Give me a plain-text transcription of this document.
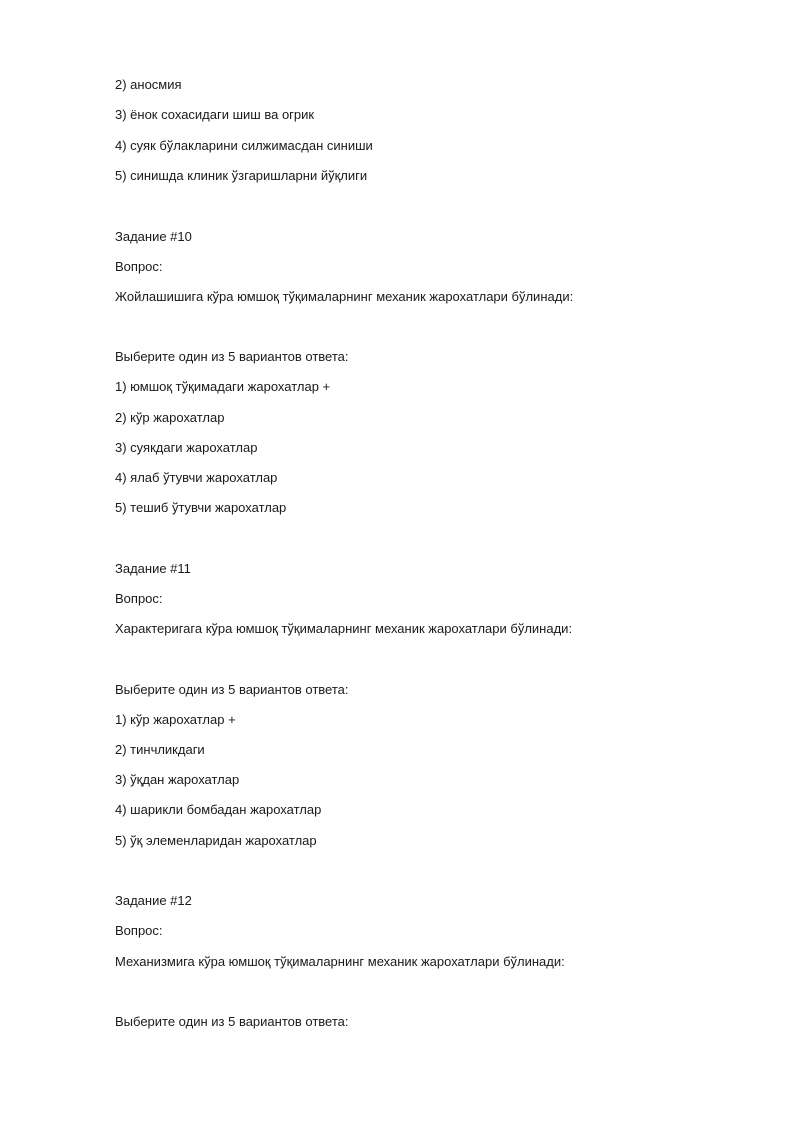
2) аносмия
3) ёнок сохасидаги шиш ва огрик
4) суяк бўлакларини силжимасдан синиши
5) синишда клиник ўзгаришларни йўқлиги
Задание #10
Вопрос:
Жойлашишига кўра юмшоқ тўқималарнинг механик жарохатлари бўлинади:
Выберите один из 5 вариантов ответа:
1) юмшоқ тўқимадаги жарохатлар +
2) кўр жарохатлар
3) суякдаги жарохатлар
4) ялаб ўтувчи жарохатлар
5) тешиб ўтувчи жарохатлар
Задание #11
Вопрос:
Характеригага кўра юмшоқ тўқималарнинг механик жарохатлари бўлинади:
Выберите один из 5 вариантов ответа:
1) кўр жарохатлар +
2) тинчликдаги
3) ўқдан жарохатлар
4) шарикли бомбадан жарохатлар
5) ўқ элеменларидан жарохатлар
Задание #12
Вопрос:
Механизмига кўра юмшоқ тўқималарнинг механик жарохатлари бўлинади:
Выберите один из 5 вариантов ответа:
